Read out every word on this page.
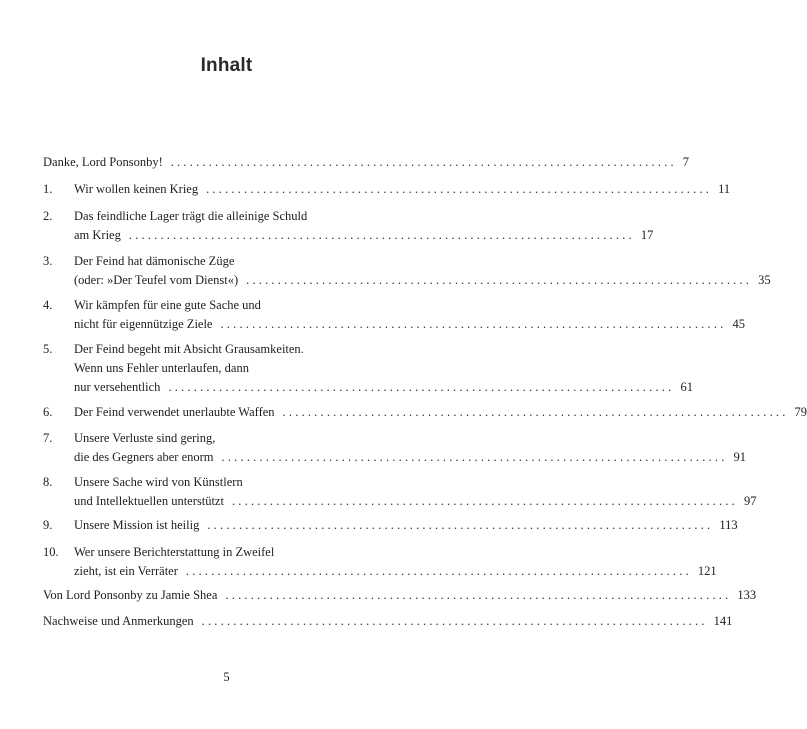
Inhalt
Danke, Lord Ponsonby! ................................................................................ 7
1. Wir wollen keinen Krieg ................................................................................ 11
2. Das feindliche Lager trägt die alleinige Schuld
am Krieg ................................................................................ 17
3. Der Feind hat dämonische Züge
(oder: »Der Teufel vom Dienst«) ................................................................................ 35
4. Wir kämpfen für eine gute Sache und
nicht für eigennützige Ziele ................................................................................ 45
5. Der Feind begeht mit Absicht Grausamkeiten.
Wenn uns Fehler unterlaufen, dann
nur versehentlich ................................................................................ 61
6. Der Feind verwendet unerlaubte Waffen ................................................................................ 79
7. Unsere Verluste sind gering,
die des Gegners aber enorm ................................................................................ 91
8. Unsere Sache wird von Künstlern
und Intellektuellen unterstützt ................................................................................ 97
9. Unsere Mission ist heilig ................................................................................ 113
10. Wer unsere Berichterstattung in Zweifel
zieht, ist ein Verräter ................................................................................ 121
Von Lord Ponsonby zu Jamie Shea ................................................................................ 133
Nachweise und Anmerkungen ................................................................................ 141
5
